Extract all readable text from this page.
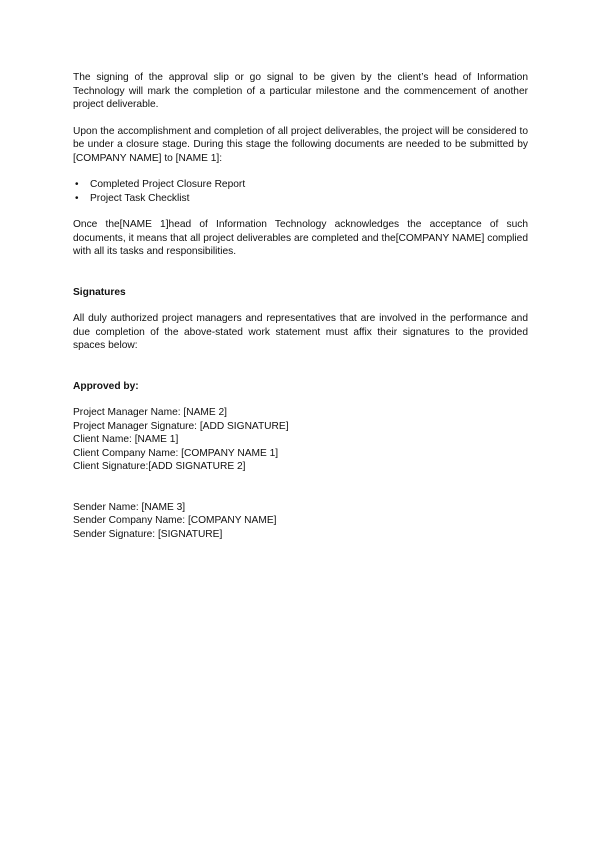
The signing of the approval slip or go signal to be given by the client’s head of Information Technology will mark the completion of a particular milestone and the commencement of another project deliverable.

Upon the accomplishment and completion of all project deliverables, the project will be considered to be under a closure stage. During this stage the following documents are needed to be submitted by [COMPANY NAME] to [NAME 1]:

• Completed Project Closure Report
• Project Task Checklist

Once the[NAME 1]head of Information Technology acknowledges the acceptance of such documents, it means that all project deliverables are completed and the[COMPANY NAME] complied with all its tasks and responsibilities.

Signatures

All duly authorized project managers and representatives that are involved in the performance and due completion of the above-stated work statement must affix their signatures to the provided spaces below:

Approved by:

Project Manager Name: [NAME 2]
Project Manager Signature: [ADD SIGNATURE]
Client Name: [NAME 1]
Client Company Name: [COMPANY NAME 1]
Client Signature:[ADD SIGNATURE 2]
Sender Name: [NAME 3]
Sender Company Name: [COMPANY NAME]
Sender Signature: [SIGNATURE]
